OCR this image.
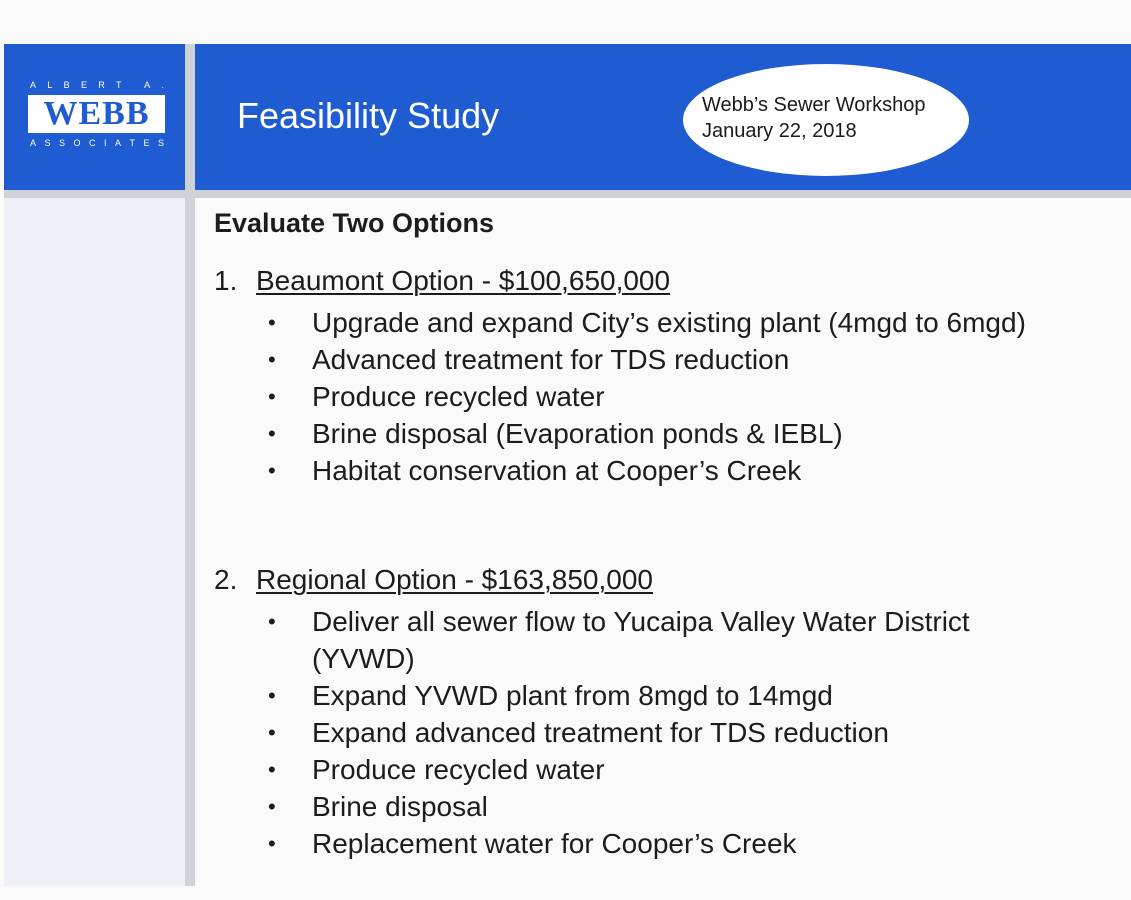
A L B E R T	A .
WEBB
A S S O C I A T E S
Feasibility Study	Webb’s Sewer Workshop
January 22, 2018
Evaluate Two Options
1. Beaumont Option - $100,650,000
• Upgrade and expand City’s existing plant (4mgd to 6mgd)
• Advanced treatment for TDS reduction
• Produce recycled water
• Brine disposal (Evaporation ponds & IEBL)
• Habitat conservation at Cooper’s Creek
2. Regional Option - $163,850,000
• Deliver all sewer flow to Yucaipa Valley Water District (YVWD)
• Expand YVWD plant from 8mgd to 14mgd
• Expand advanced treatment for TDS reduction
• Produce recycled water
• Brine disposal
• Replacement water for Cooper’s Creek
